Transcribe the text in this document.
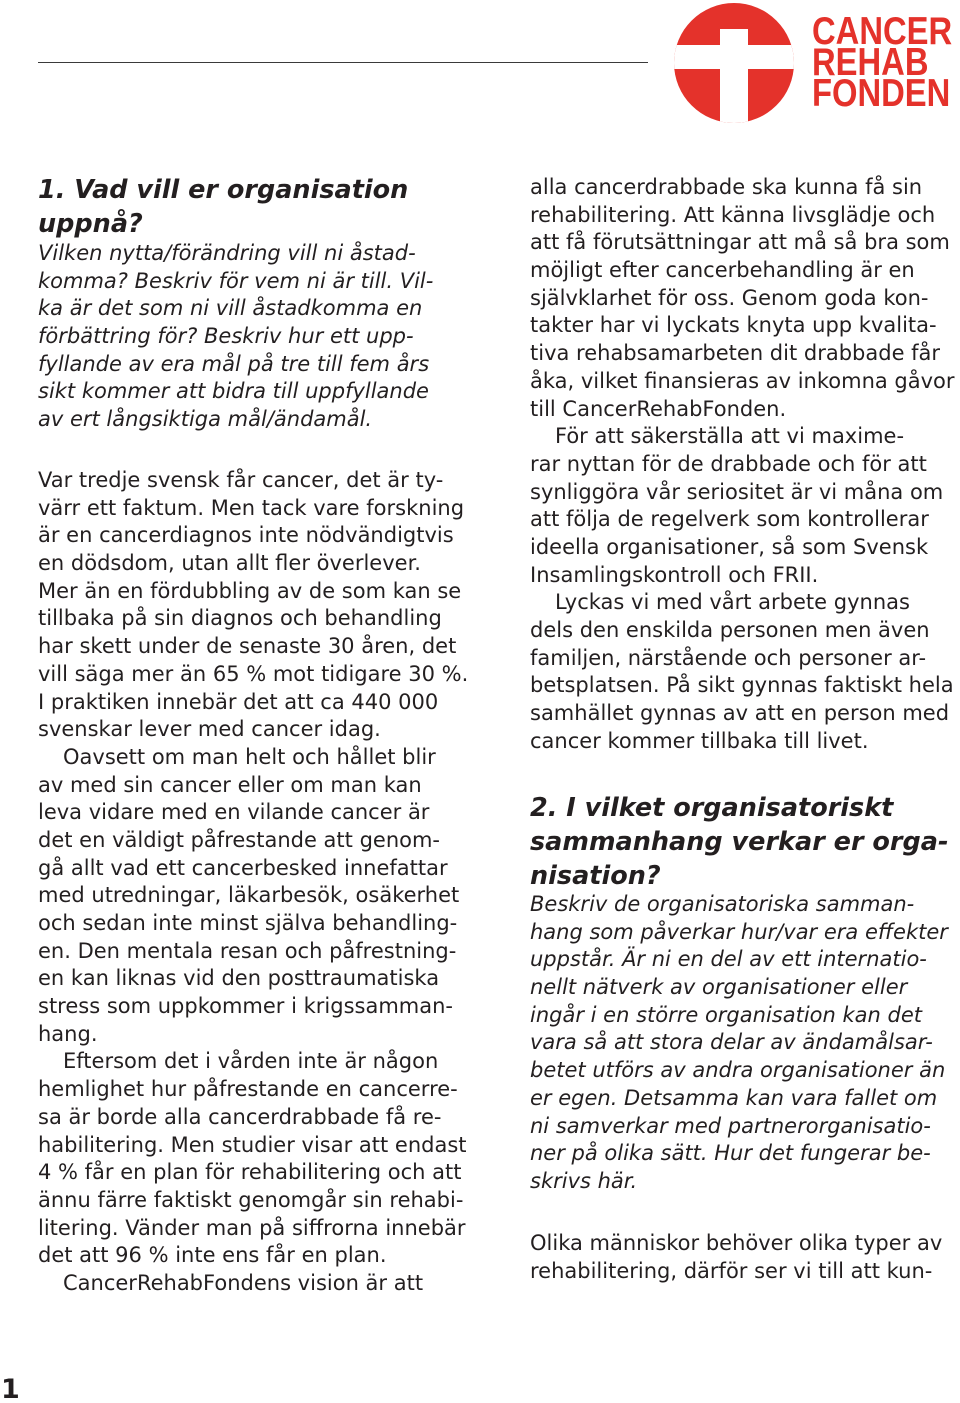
CANCER
REHAB
FONDEN
1. Vad vill er organisation
uppnå?
Vilken nytta/förändring vill ni åstad-
komma? Beskriv för vem ni är till. Vil-
ka är det som ni vill åstadkomma en
förbättring för? Beskriv hur ett upp-
fyllande av era mål på tre till fem års
sikt kommer att bidra till uppfyllande
av ert långsiktiga mål/ändamål.
Var tredje svensk får cancer, det är ty-
värr ett faktum. Men tack vare forskning
är en cancerdiagnos inte nödvändigtvis
en dödsdom, utan allt fler överlever.
Mer än en fördubbling av de som kan se
tillbaka på sin diagnos och behandling
har skett under de senaste 30 åren, det
vill säga mer än 65 % mot tidigare 30 %.
I praktiken innebär det att ca 440 000
svenskar lever med cancer idag.
Oavsett om man helt och hållet blir
av med sin cancer eller om man kan
leva vidare med en vilande cancer är
det en väldigt påfrestande att genom-
gå allt vad ett cancerbesked innefattar
med utredningar, läkarbesök, osäkerhet
och sedan inte minst själva behandling-
en. Den mentala resan och påfrestning-
en kan liknas vid den posttraumatiska
stress som uppkommer i krigssamman-
hang.
Eftersom det i vården inte är någon
hemlighet hur påfrestande en cancerre-
sa är borde alla cancerdrabbade få re-
habilitering. Men studier visar att endast
4 % får en plan för rehabilitering och att
ännu färre faktiskt genomgår sin rehabi-
litering. Vänder man på siffrorna innebär
det att 96 % inte ens får en plan.
CancerRehabFondens vision är att
alla cancerdrabbade ska kunna få sin
rehabilitering. Att känna livsglädje och
att få förutsättningar att må så bra som
möjligt efter cancerbehandling är en
självklarhet för oss. Genom goda kon-
takter har vi lyckats knyta upp kvalita-
tiva rehabsamarbeten dit drabbade får
åka, vilket finansieras av inkomna gåvor
till CancerRehabFonden.
För att säkerställa att vi maxime-
rar nyttan för de drabbade och för att
synliggöra vår seriositet är vi måna om
att följa de regelverk som kontrollerar
ideella organisationer, så som Svensk
Insamlingskontroll och FRII.
Lyckas vi med vårt arbete gynnas
dels den enskilda personen men även
familjen, närstående och personer ar-
betsplatsen. På sikt gynnas faktiskt hela
samhället gynnas av att en person med
cancer kommer tillbaka till livet.
2. I vilket organisatoriskt
sammanhang verkar er orga-
nisation?
Beskriv de organisatoriska samman-
hang som påverkar hur/var era effekter
uppstår. Är ni en del av ett internatio-
nellt nätverk av organisationer eller
ingår i en större organisation kan det
vara så att stora delar av ändamålsar-
betet utförs av andra organisationer än
er egen. Detsamma kan vara fallet om
ni samverkar med partnerorganisatio-
ner på olika sätt. Hur det fungerar be-
skrivs här.
Olika människor behöver olika typer av
rehabilitering, därför ser vi till att kun-
1
